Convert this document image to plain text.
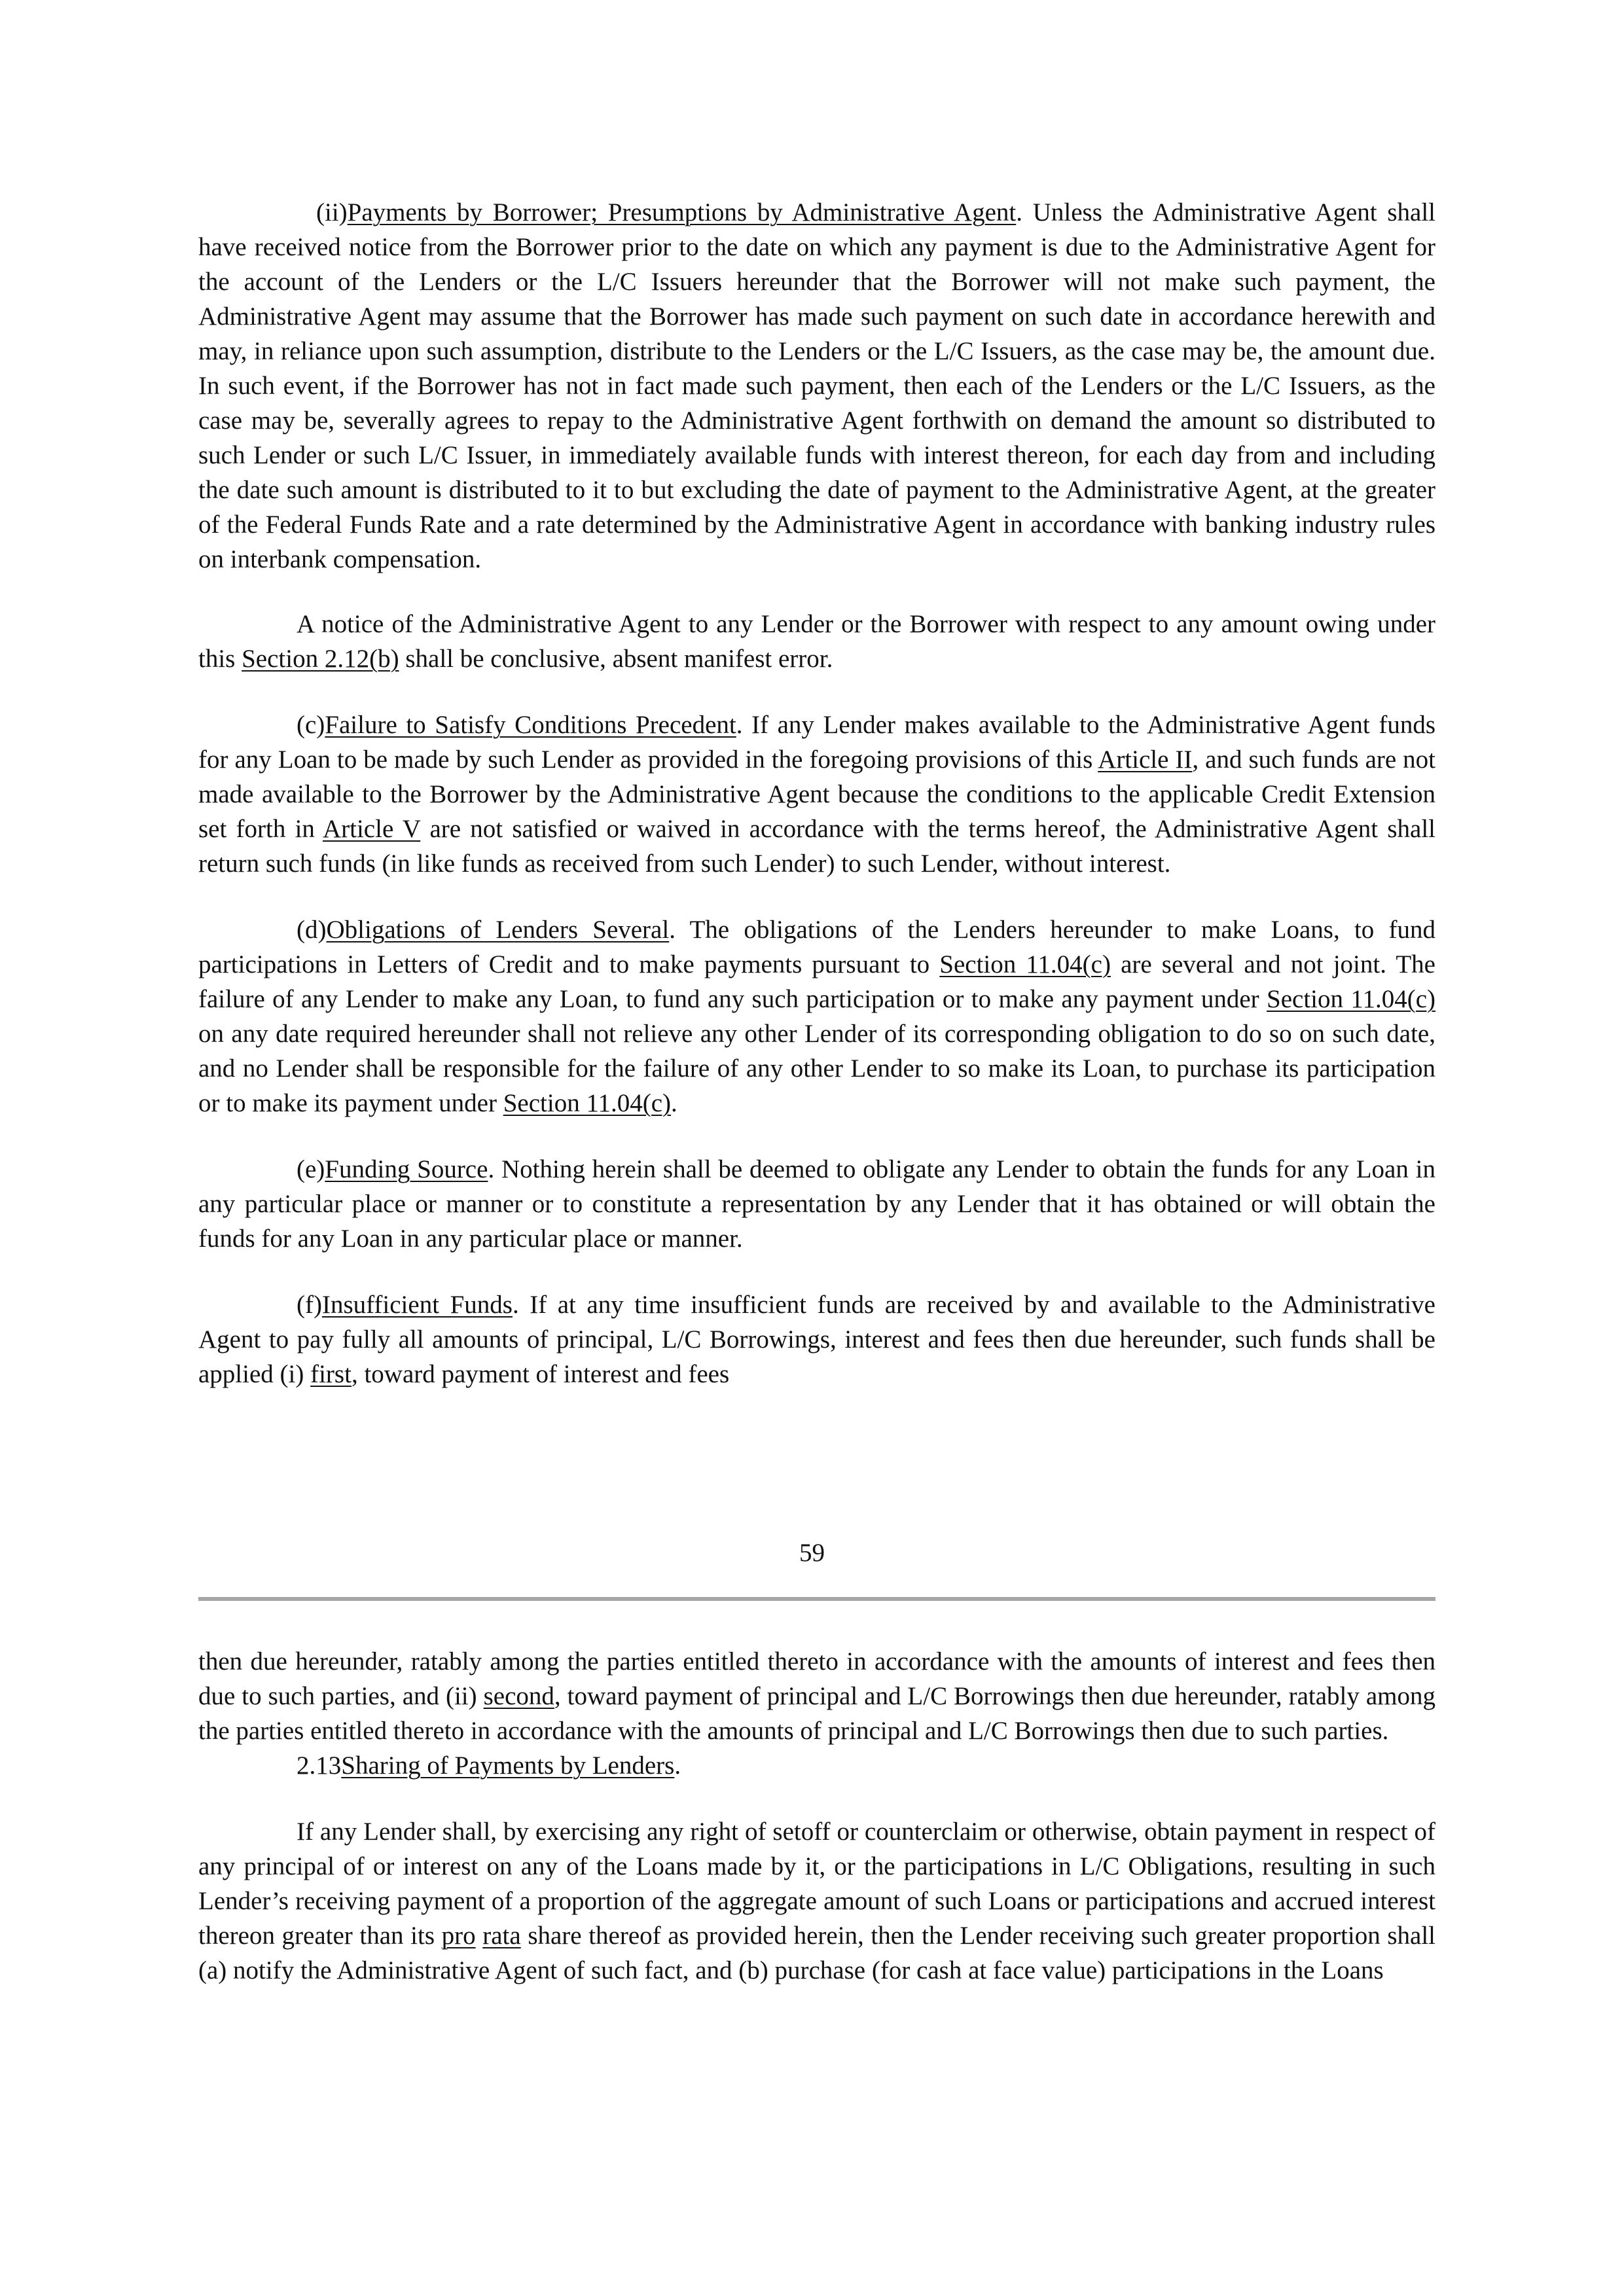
(ii)Payments by Borrower; Presumptions by Administrative Agent. Unless the Administrative Agent shall have received notice from the Borrower prior to the date on which any payment is due to the Administrative Agent for the account of the Lenders or the L/C Issuers hereunder that the Borrower will not make such payment, the Administrative Agent may assume that the Borrower has made such payment on such date in accordance herewith and may, in reliance upon such assumption, distribute to the Lenders or the L/C Issuers, as the case may be, the amount due. In such event, if the Borrower has not in fact made such payment, then each of the Lenders or the L/C Issuers, as the case may be, severally agrees to repay to the Administrative Agent forthwith on demand the amount so distributed to such Lender or such L/C Issuer, in immediately available funds with interest thereon, for each day from and including the date such amount is distributed to it to but excluding the date of payment to the Administrative Agent, at the greater of the Federal Funds Rate and a rate determined by the Administrative Agent in accordance with banking industry rules on interbank compensation.

A notice of the Administrative Agent to any Lender or the Borrower with respect to any amount owing under this Section 2.12(b) shall be conclusive, absent manifest error.

(c)Failure to Satisfy Conditions Precedent. If any Lender makes available to the Administrative Agent funds for any Loan to be made by such Lender as provided in the foregoing provisions of this Article II, and such funds are not made available to the Borrower by the Administrative Agent because the conditions to the applicable Credit Extension set forth in Article V are not satisfied or waived in accordance with the terms hereof, the Administrative Agent shall return such funds (in like funds as received from such Lender) to such Lender, without interest.

(d)Obligations of Lenders Several. The obligations of the Lenders hereunder to make Loans, to fund participations in Letters of Credit and to make payments pursuant to Section 11.04(c) are several and not joint. The failure of any Lender to make any Loan, to fund any such participation or to make any payment under Section 11.04(c) on any date required hereunder shall not relieve any other Lender of its corresponding obligation to do so on such date, and no Lender shall be responsible for the failure of any other Lender to so make its Loan, to purchase its participation or to make its payment under Section 11.04(c).

(e)Funding Source. Nothing herein shall be deemed to obligate any Lender to obtain the funds for any Loan in any particular place or manner or to constitute a representation by any Lender that it has obtained or will obtain the funds for any Loan in any particular place or manner.

(f)Insufficient Funds. If at any time insufficient funds are received by and available to the Administrative Agent to pay fully all amounts of principal, L/C Borrowings, interest and fees then due hereunder, such funds shall be applied (i) first, toward payment of interest and fees

59

then due hereunder, ratably among the parties entitled thereto in accordance with the amounts of interest and fees then due to such parties, and (ii) second, toward payment of principal and L/C Borrowings then due hereunder, ratably among the parties entitled thereto in accordance with the amounts of principal and L/C Borrowings then due to such parties.

2.13Sharing of Payments by Lenders.

If any Lender shall, by exercising any right of setoff or counterclaim or otherwise, obtain payment in respect of any principal of or interest on any of the Loans made by it, or the participations in L/C Obligations, resulting in such Lender’s receiving payment of a proportion of the aggregate amount of such Loans or participations and accrued interest thereon greater than its pro rata share thereof as provided herein, then the Lender receiving such greater proportion shall (a) notify the Administrative Agent of such fact, and (b) purchase (for cash at face value) participations in the Loans
